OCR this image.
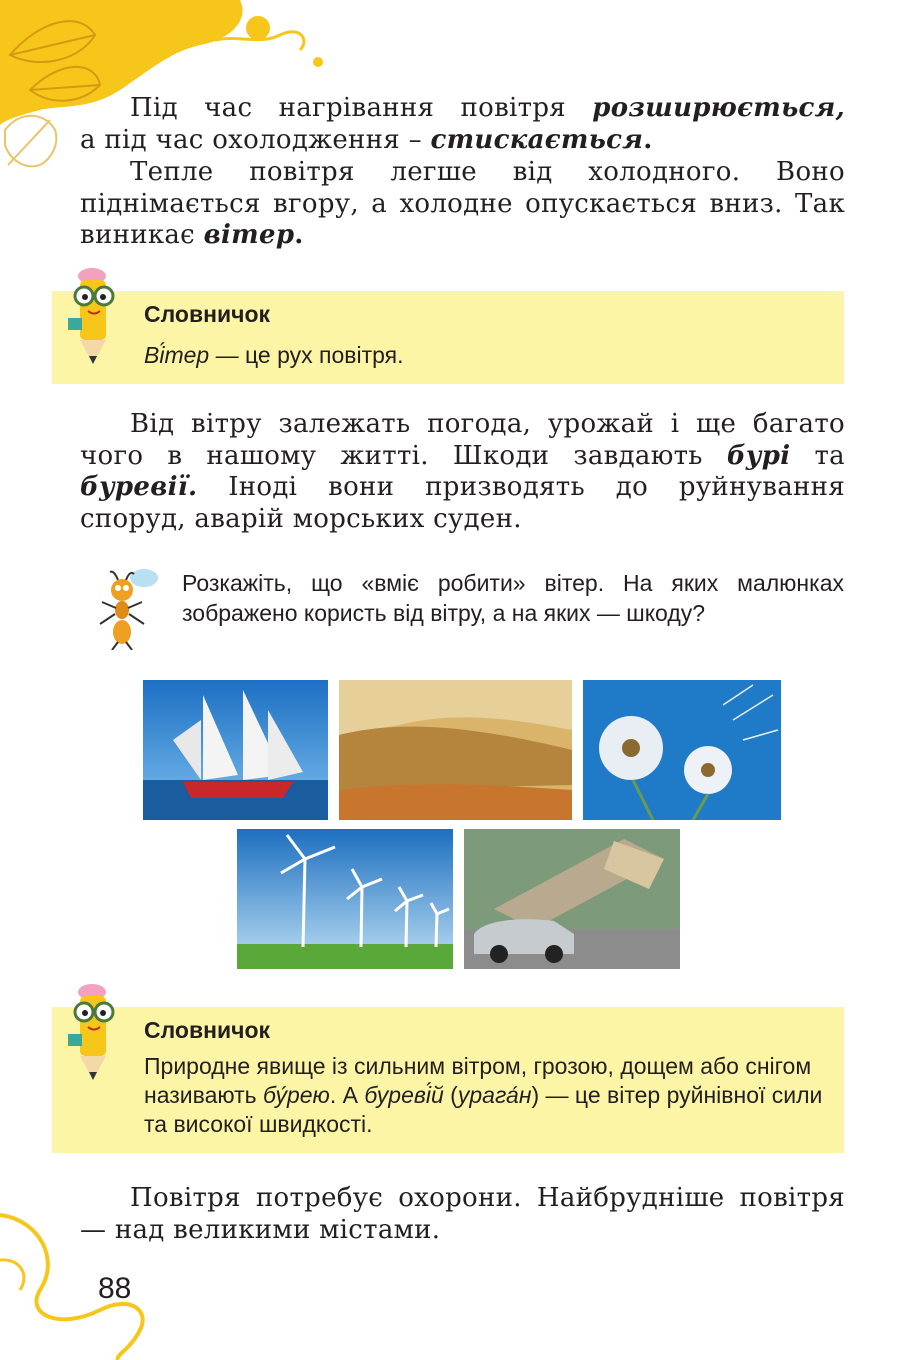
Під час нагрівання повітря розширюється,

а під час охолодження – стискається.

Тепле повітря легше від холодного. Воно піднімається вгору, а холодне опускається вниз. Так виникає вітер.

Словничок
Ві́тер — це рух повітря.

Від вітру залежать погода, урожай і ще багато чого в нашому житті. Шкоди завдають бурі та буревії. Іноді вони призводять до руйнування споруд, аварій морських суден.

Розкажіть, що «вміє робити» вітер. На яких малюнках зображено користь від вітру, а на яких — шкоду?
Словничок
Природне явище із сильним вітром, грозою, дощем або снігом називають бу́рею. А бурeві́й (урага́н) — це вітер руйнівної сили та високої швидкості.

Повітря потребує охорони. Найбрудніше повітря — над великими містами.

88
